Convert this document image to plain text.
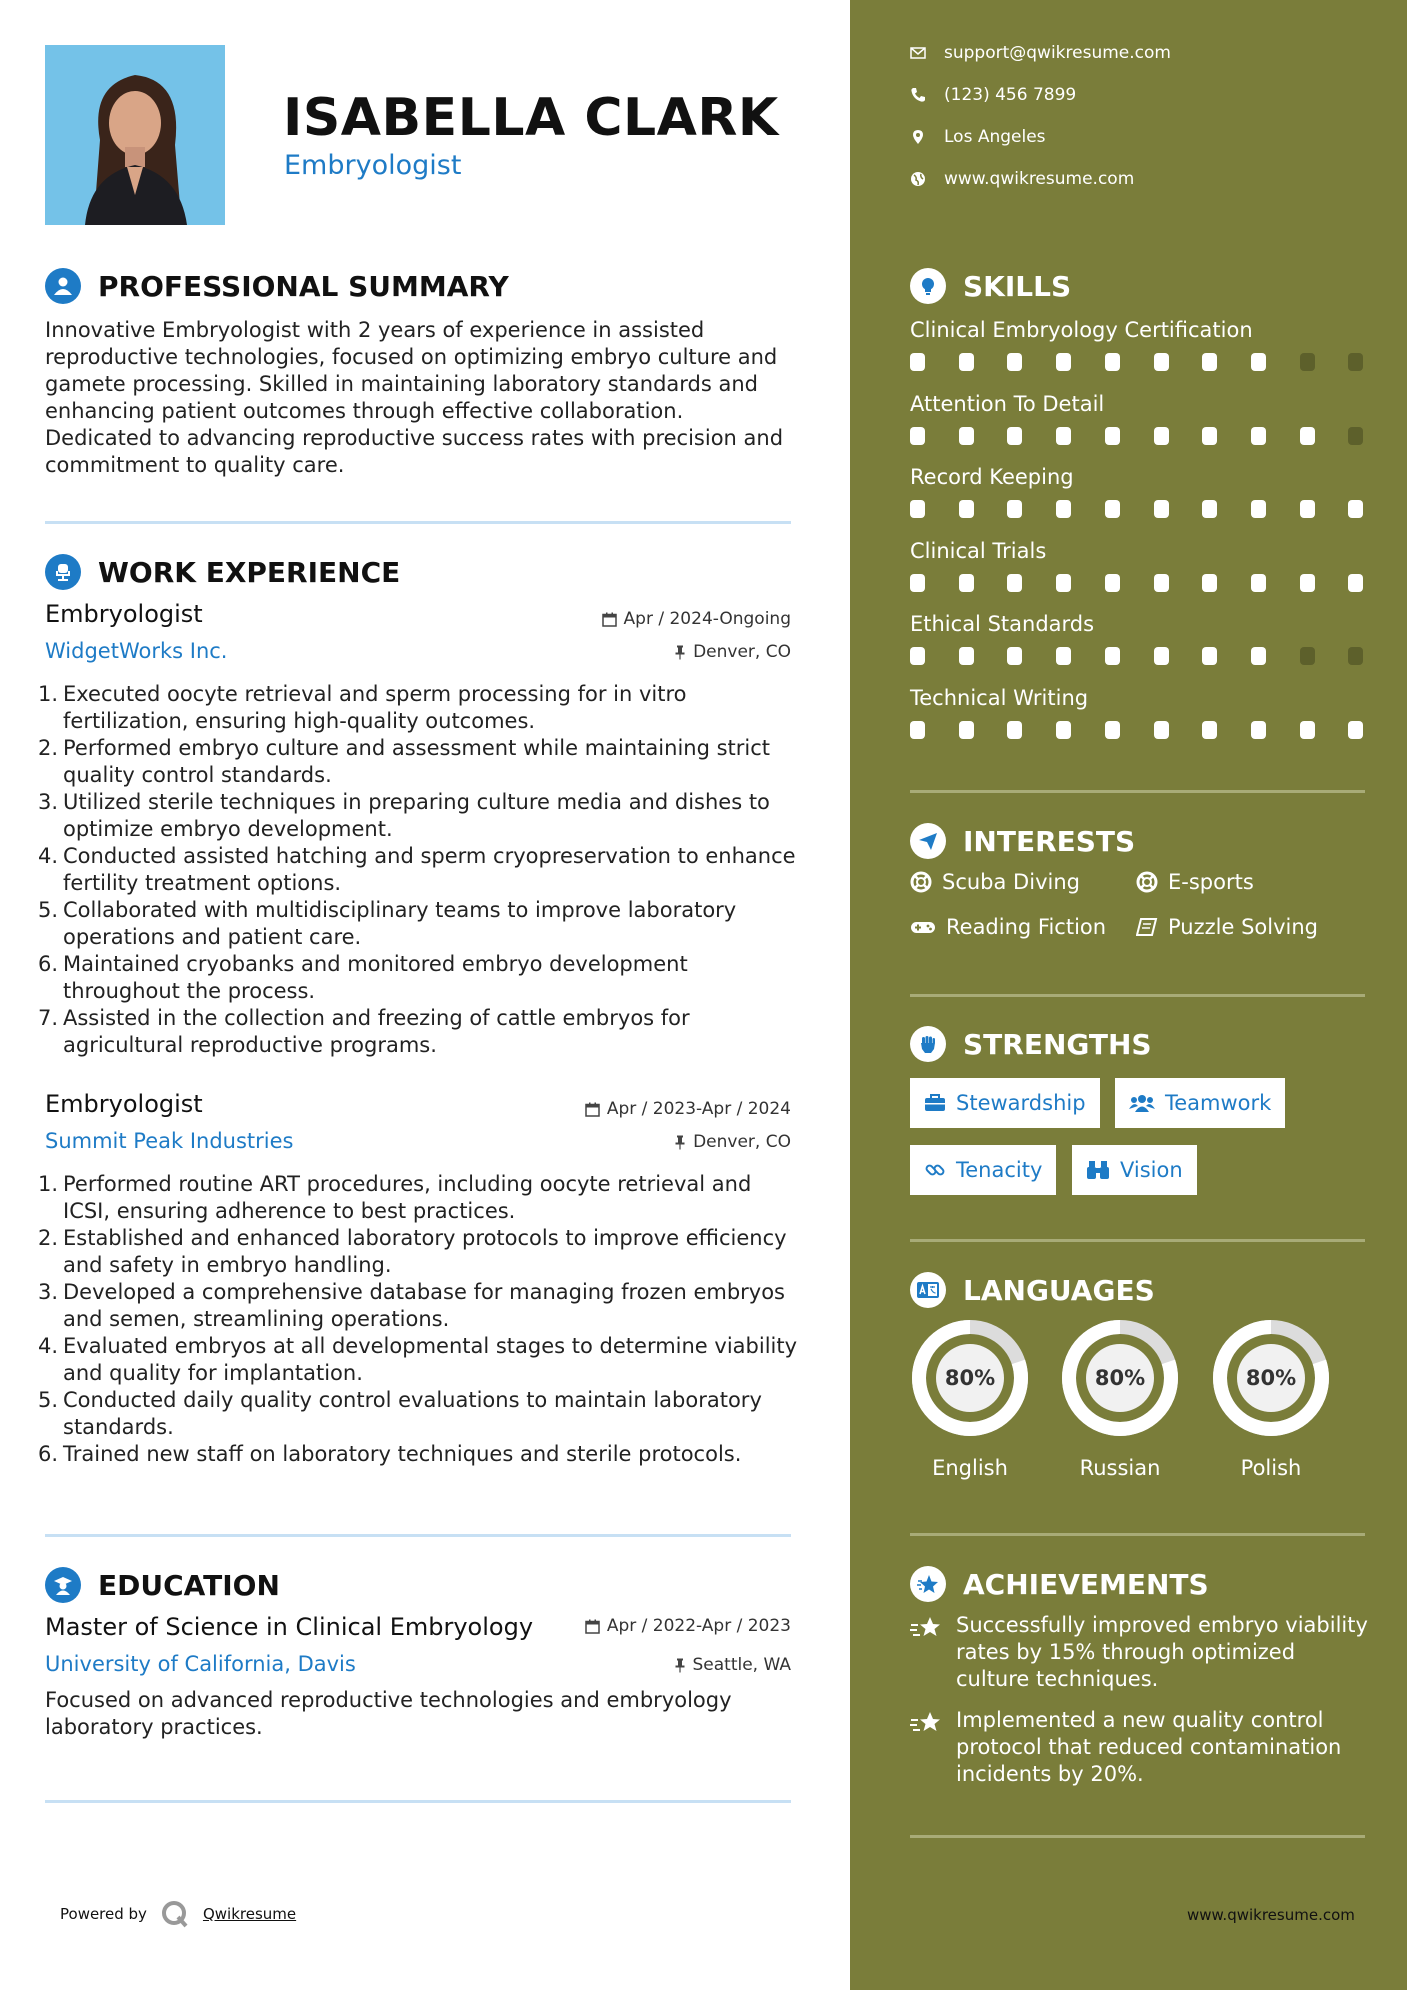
ISABELLA CLARK
Embryologist
PROFESSIONAL SUMMARY
Innovative Embryologist with 2 years of experience in assisted reproductive technologies, focused on optimizing embryo culture and gamete processing. Skilled in maintaining laboratory standards and enhancing patient outcomes through effective collaboration. Dedicated to advancing reproductive success rates with precision and commitment to quality care.
WORK EXPERIENCE
Embryologist
WidgetWorks Inc.
Apr / 2024-Ongoing
Denver, CO
1. Executed oocyte retrieval and sperm processing for in vitro fertilization, ensuring high-quality outcomes.
2. Performed embryo culture and assessment while maintaining strict quality control standards.
3. Utilized sterile techniques in preparing culture media and dishes to optimize embryo development.
4. Conducted assisted hatching and sperm cryopreservation to enhance fertility treatment options.
5. Collaborated with multidisciplinary teams to improve laboratory operations and patient care.
6. Maintained cryobanks and monitored embryo development throughout the process.
7. Assisted in the collection and freezing of cattle embryos for agricultural reproductive programs.
Embryologist
Summit Peak Industries
Apr / 2023-Apr / 2024
Denver, CO
1. Performed routine ART procedures, including oocyte retrieval and ICSI, ensuring adherence to best practices.
2. Established and enhanced laboratory protocols to improve efficiency and safety in embryo handling.
3. Developed a comprehensive database for managing frozen embryos and semen, streamlining operations.
4. Evaluated embryos at all developmental stages to determine viability and quality for implantation.
5. Conducted daily quality control evaluations to maintain laboratory standards.
6. Trained new staff on laboratory techniques and sterile protocols.
EDUCATION
Master of Science in Clinical Embryology
University of California, Davis
Apr / 2022-Apr / 2023
Seattle, WA
Focused on advanced reproductive technologies and embryology laboratory practices.
Powered by	Qwikresume
support@qwikresume.com
(123) 456 7899
Los Angeles
www.qwikresume.com
SKILLS
Clinical Embryology Certification
Attention To Detail
Record Keeping
Clinical Trials
Ethical Standards
Technical Writing
INTERESTS
Scuba Diving	E-sports
Reading Fiction	Puzzle Solving
STRENGTHS
Stewardship	Teamwork
Tenacity	Vision
LANGUAGES
80%
English
80%
Russian
80%
Polish
ACHIEVEMENTS
Successfully improved embryo viability rates by 15% through optimized culture techniques.
Implemented a new quality control protocol that reduced contamination incidents by 20%.
www.qwikresume.com
